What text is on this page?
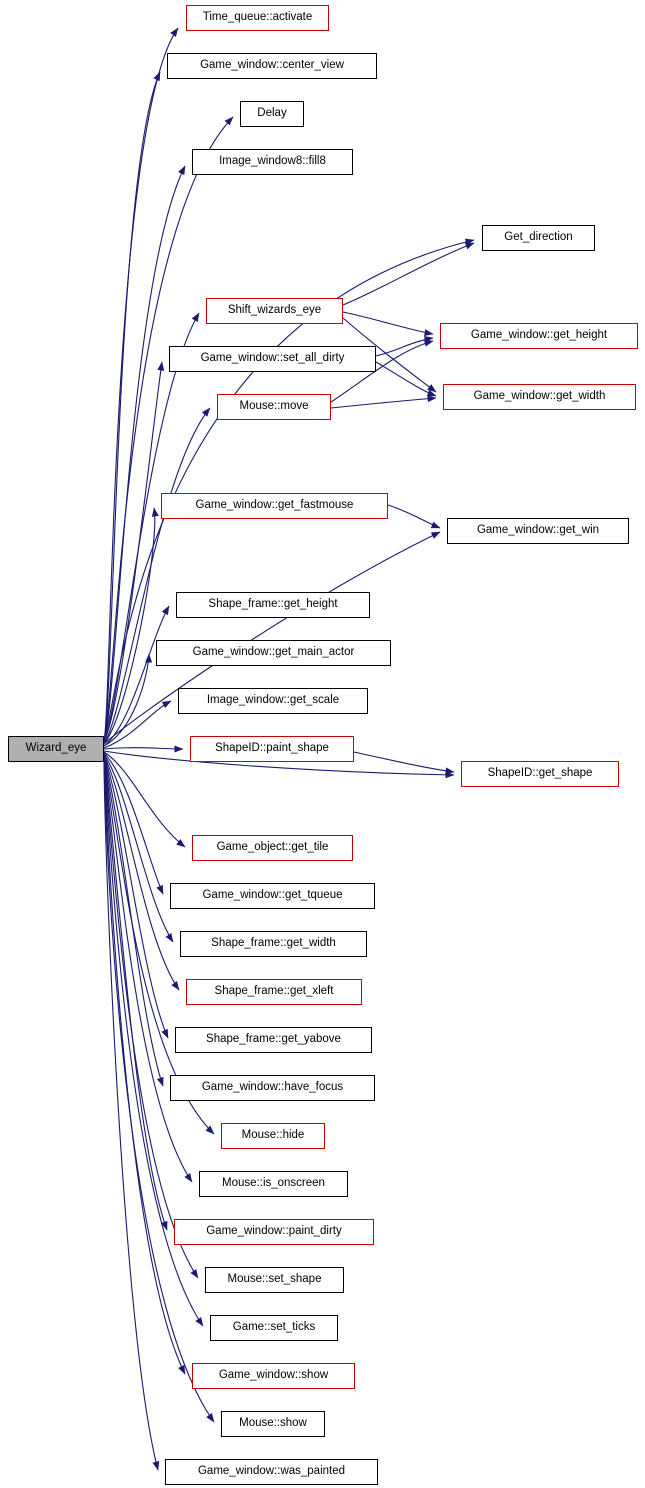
Wizard_eye
Time_queue::activate
Game_window::center_view
Delay
Image_window8::fill8
Get_direction
Shift_wizards_eye
Game_window::get_height
Game_window::set_all_dirty
Mouse::move
Game_window::get_width
Game_window::get_fastmouse
Game_window::get_win
Shape_frame::get_height
Game_window::get_main_actor
Image_window::get_scale
ShapeID::paint_shape
ShapeID::get_shape
Game_object::get_tile
Game_window::get_tqueue
Shape_frame::get_width
Shape_frame::get_xleft
Shape_frame::get_yabove
Game_window::have_focus
Mouse::hide
Mouse::is_onscreen
Game_window::paint_dirty
Mouse::set_shape
Game::set_ticks
Game_window::show
Mouse::show
Game_window::was_painted
